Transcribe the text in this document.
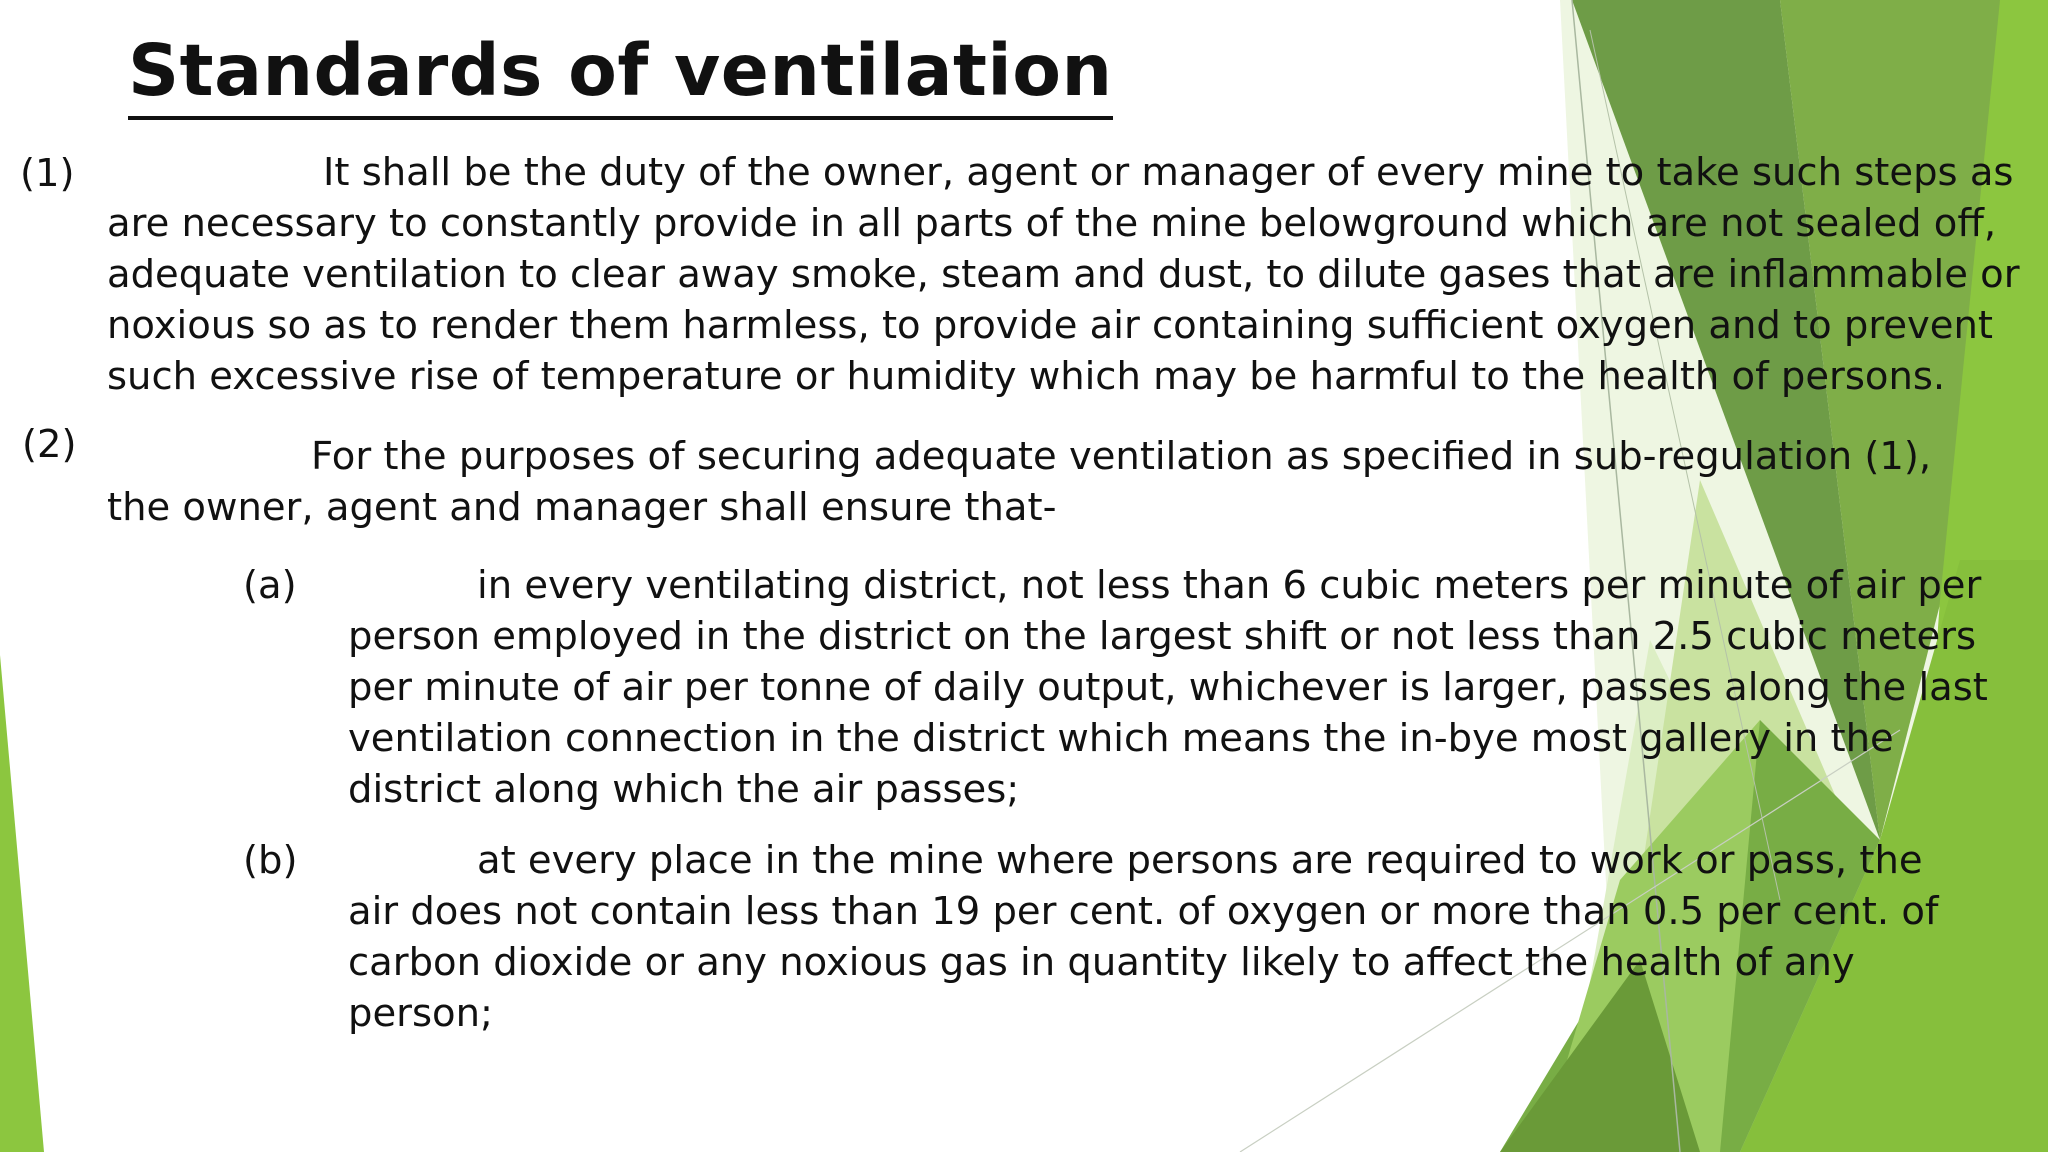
Standards of ventilation

(1)	It shall be the duty of the owner, agent or manager of every mine to take such steps as

are necessary to constantly provide in all parts of the mine belowground which are not sealed off,

adequate ventilation to clear away smoke, steam and dust, to dilute gases that are inflammable or

noxious so as to render them harmless, to provide air containing sufficient oxygen and to prevent

such excessive rise of temperature or humidity which may be harmful to the health of persons.

(2)	For the purposes of securing adequate ventilation as specified in sub-regulation (1),

the owner, agent and manager shall ensure that-

(a)	in every ventilating district, not less than 6 cubic meters per minute of air per

person employed in the district on the largest shift or not less than 2.5 cubic meters

per minute of air per tonne of daily output, whichever is larger, passes along the last

ventilation connection in the district which means the in-bye most gallery in the

district along which the air passes;

(b)	at every place in the mine where persons are required to work or pass, the

air does not contain less than 19 per cent. of oxygen or more than 0.5 per cent. of

carbon dioxide or any noxious gas in quantity likely to affect the health of any

person;
